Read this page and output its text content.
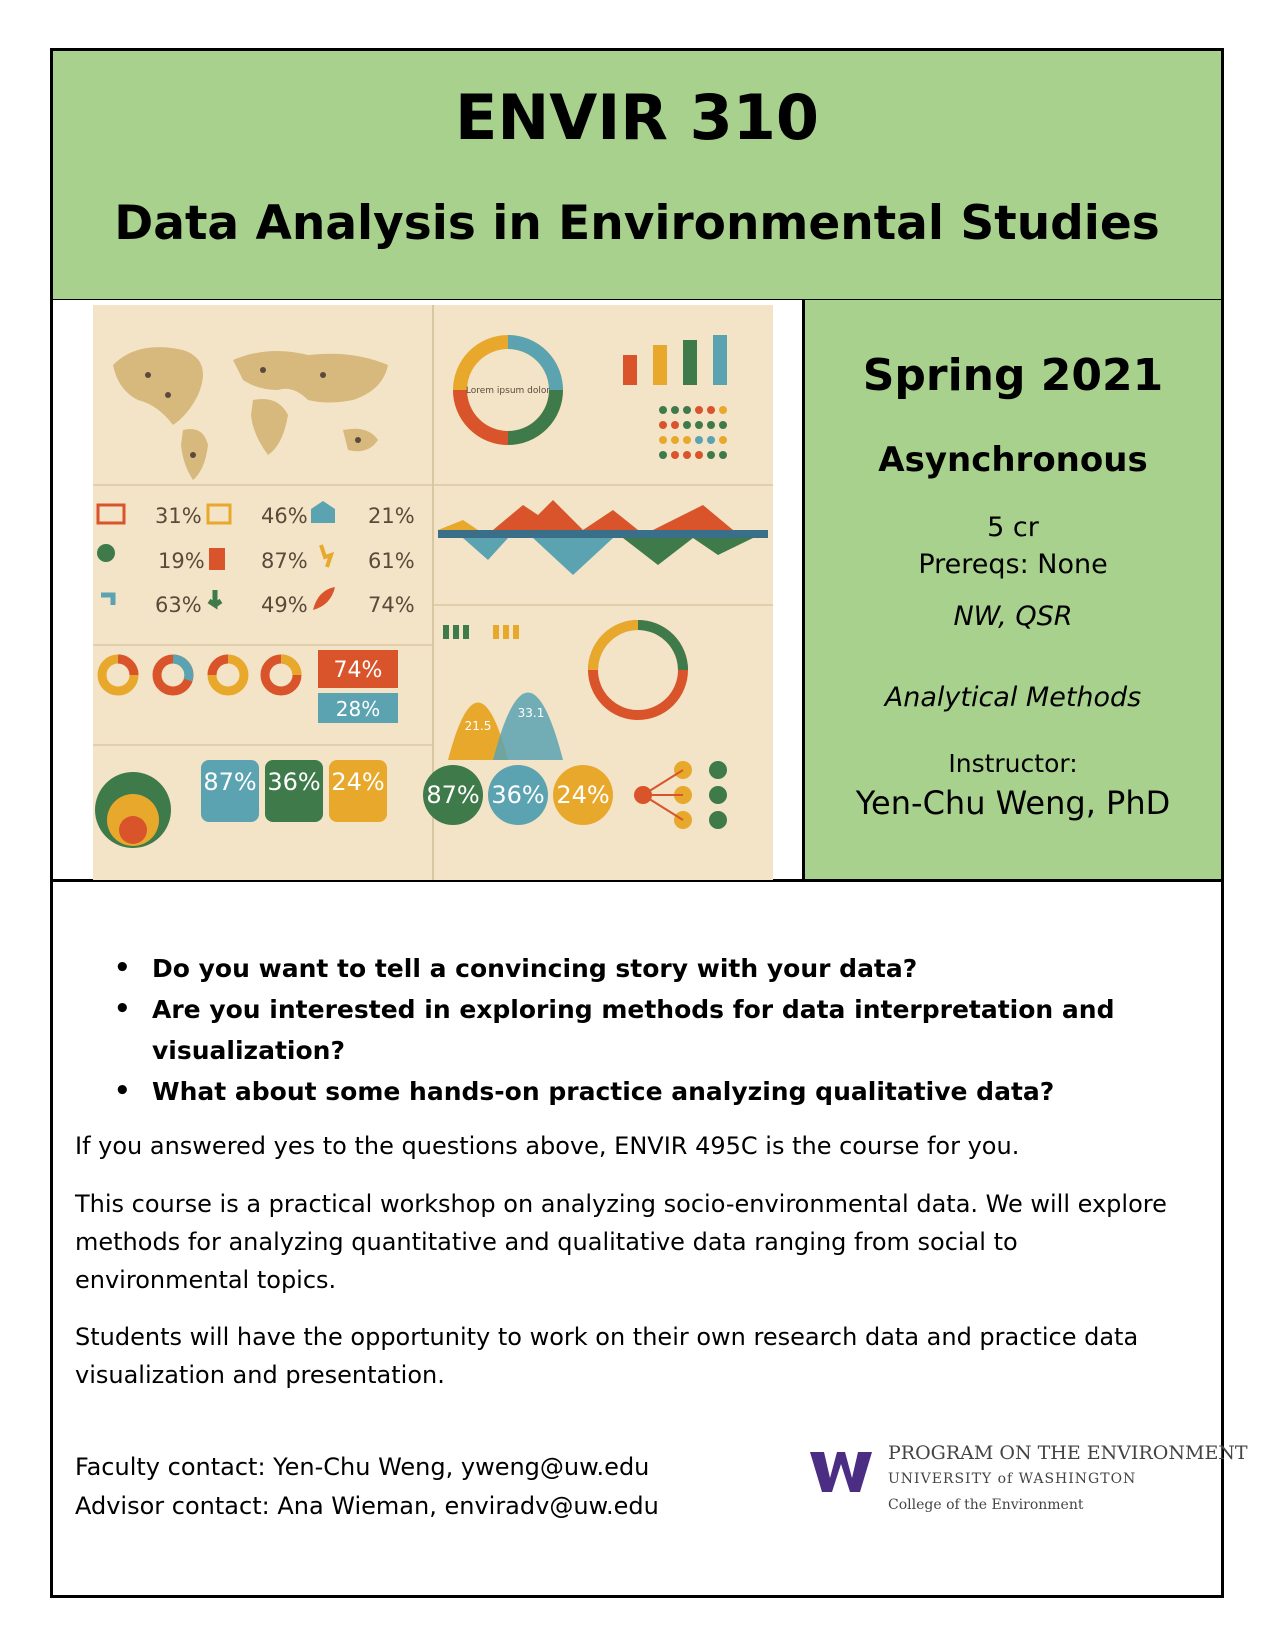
ENVIR 310
Data Analysis in Environmental Studies
31%	46%	21%
19%	87%	61%
63%	49%	74%
74%
28%
87% 36% 24%
Lorem ipsum dolor
21.5
33.1
87% 36% 24%
Spring 2021
Asynchronous
5 cr
Prereqs: None
NW, QSR
Analytical Methods
Instructor:
Yen-Chu Weng, PhD
• Do you want to tell a convincing story with your data?
• Are you interested in exploring methods for data interpretation and visualization?
• What about some hands-on practice analyzing qualitative data?
If you answered yes to the questions above, ENVIR 495C is the course for you.
This course is a practical workshop on analyzing socio-environmental data. We will explore methods for analyzing quantitative and qualitative data ranging from social to environmental topics.
Students will have the opportunity to work on their own research data and practice data visualization and presentation.
Faculty contact: Yen-Chu Weng, yweng@uw.edu
Advisor contact: Ana Wieman, enviradv@uw.edu
PROGRAM ON THE ENVIRONMENT
UNIVERSITY of WASHINGTON
College of the Environment
